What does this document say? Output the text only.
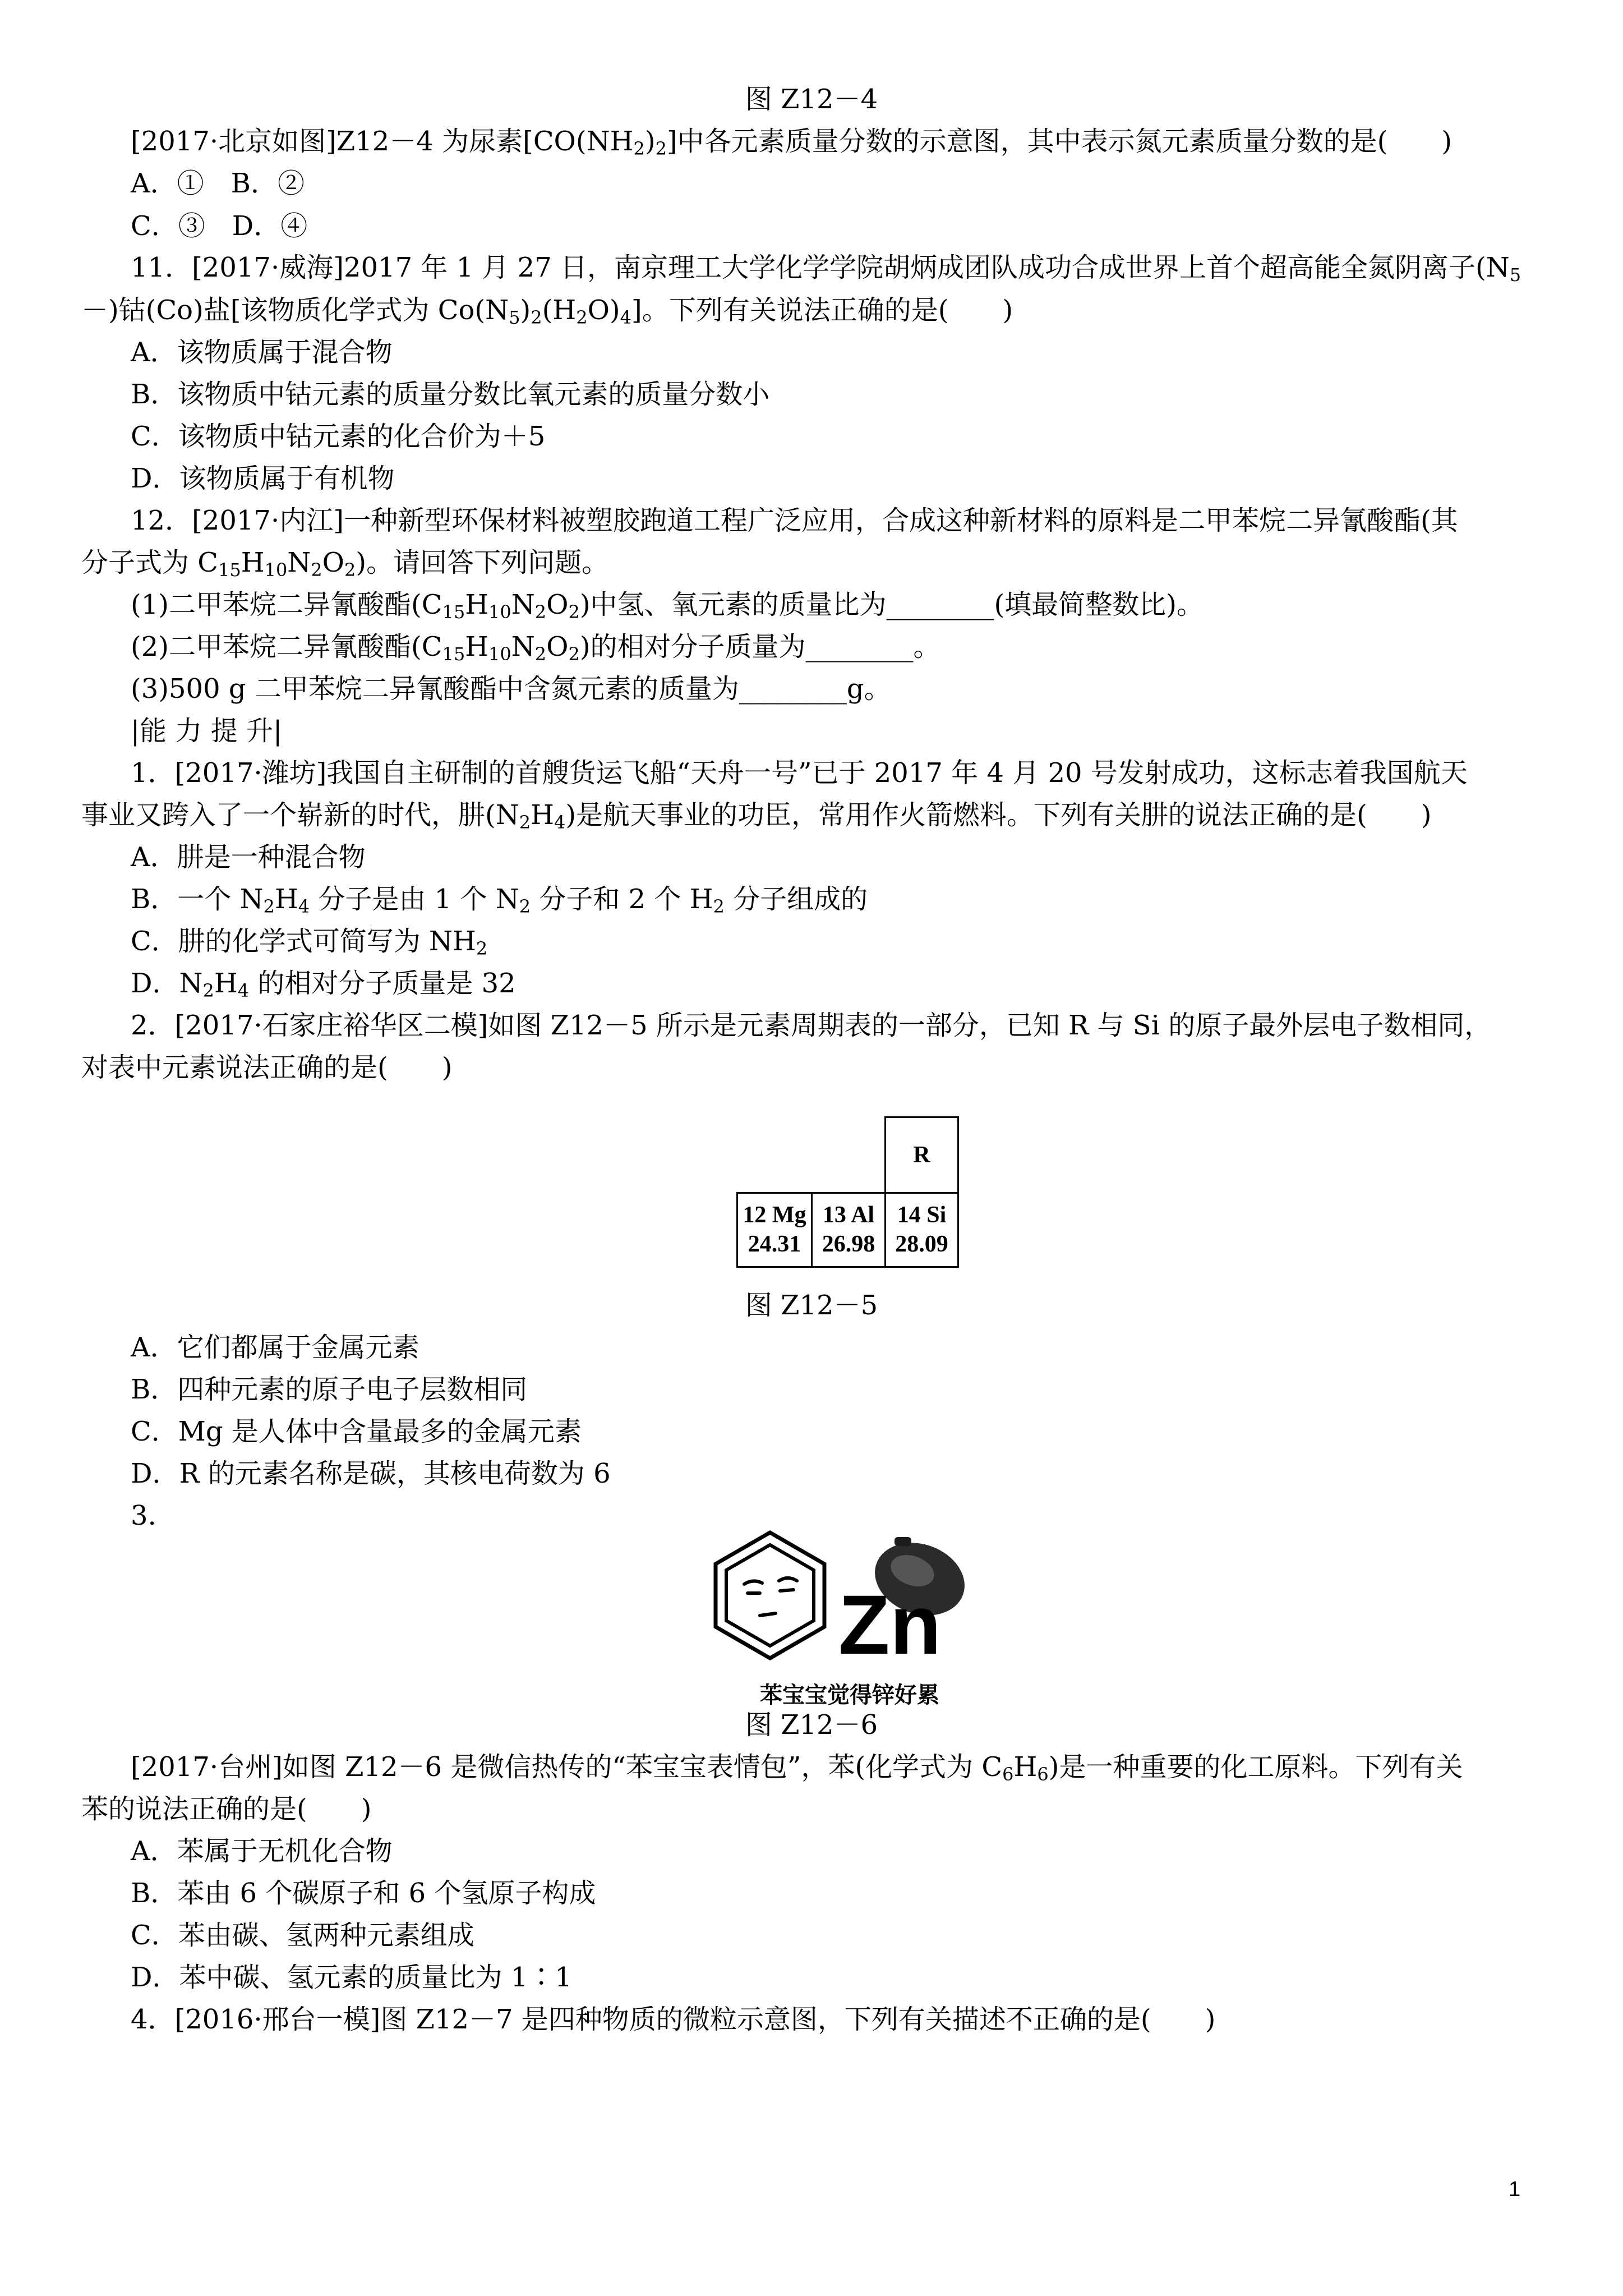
图 Z12－4
[2017·北京如图]Z12－4 为尿素$[CO(NH_2)_2]$中各元素质量分数的示意图，其中表示氮元素质量分数的是(　　)
A．①　B．②
C．③　D．④
11．[2017·威海]2017 年 1 月 27 日，南京理工大学化学学院胡炳成团队成功合成世界上首个超高能全氮阴离子($N_5$
－)钴(Co)盐[该物质化学式为 $Co(N_5)_2(H_2O)_4$]。下列有关说法正确的是(　　)
A．该物质属于混合物
B．该物质中钴元素的质量分数比氧元素的质量分数小
C．该物质中钴元素的化合价为＋5
D．该物质属于有机物
12．[2017·内江]一种新型环保材料被塑胶跑道工程广泛应用，合成这种新材料的原料是二甲苯烷二异氰酸酯(其
分子式为 $C_{15}H_{10}N_2O_2$)。请回答下列问题。
(1)二甲苯烷二异氰酸酯$(C_{15}H_{10}N_2O_2)$中氢、氧元素的质量比为________(填最简整数比)。
(2)二甲苯烷二异氰酸酯$(C_{15}H_{10}N_2O_2)$的相对分子质量为________。
(3)500 g 二甲苯烷二异氰酸酯中含氮元素的质量为________g。
|能 力 提 升|
1．[2017·潍坊]我国自主研制的首艘货运飞船“天舟一号”已于 2017 年 4 月 20 号发射成功，这标志着我国航天
事业又跨入了一个崭新的时代，肼$(N_2H_4)$是航天事业的功臣，常用作火箭燃料。下列有关肼的说法正确的是(　　)
A．肼是一种混合物
B．一个 $N_2H_4$ 分子是由 1 个 $N_2$ 分子和 2 个 $H_2$ 分子组成的
C．肼的化学式可简写为 $NH_2$
D．$N_2H_4$ 的相对分子质量是 32
2．[2017·石家庄裕华区二模]如图 Z12－5 所示是元素周期表的一部分，已知 R 与 Si 的原子最外层电子数相同，
对表中元素说法正确的是(　　)
R
12 Mg
24.31
13 Al
26.98
14 Si
28.09
图 Z12－5
A．它们都属于金属元素
B．四种元素的原子电子层数相同
C．Mg 是人体中含量最多的金属元素
D．R 的元素名称是碳，其核电荷数为 6
3.
Zn
苯宝宝觉得锌好累
图 Z12－6
[2017·台州]如图 Z12－6 是微信热传的“苯宝宝表情包”，苯(化学式为 $C_6H_6$)是一种重要的化工原料。下列有关
苯的说法正确的是(　　)
A．苯属于无机化合物
B．苯由 6 个碳原子和 6 个氢原子构成
C．苯由碳、氢两种元素组成
D．苯中碳、氢元素的质量比为 1∶1
4．[2016·邢台一模]图 Z12－7 是四种物质的微粒示意图，下列有关描述不正确的是(　　)
1
